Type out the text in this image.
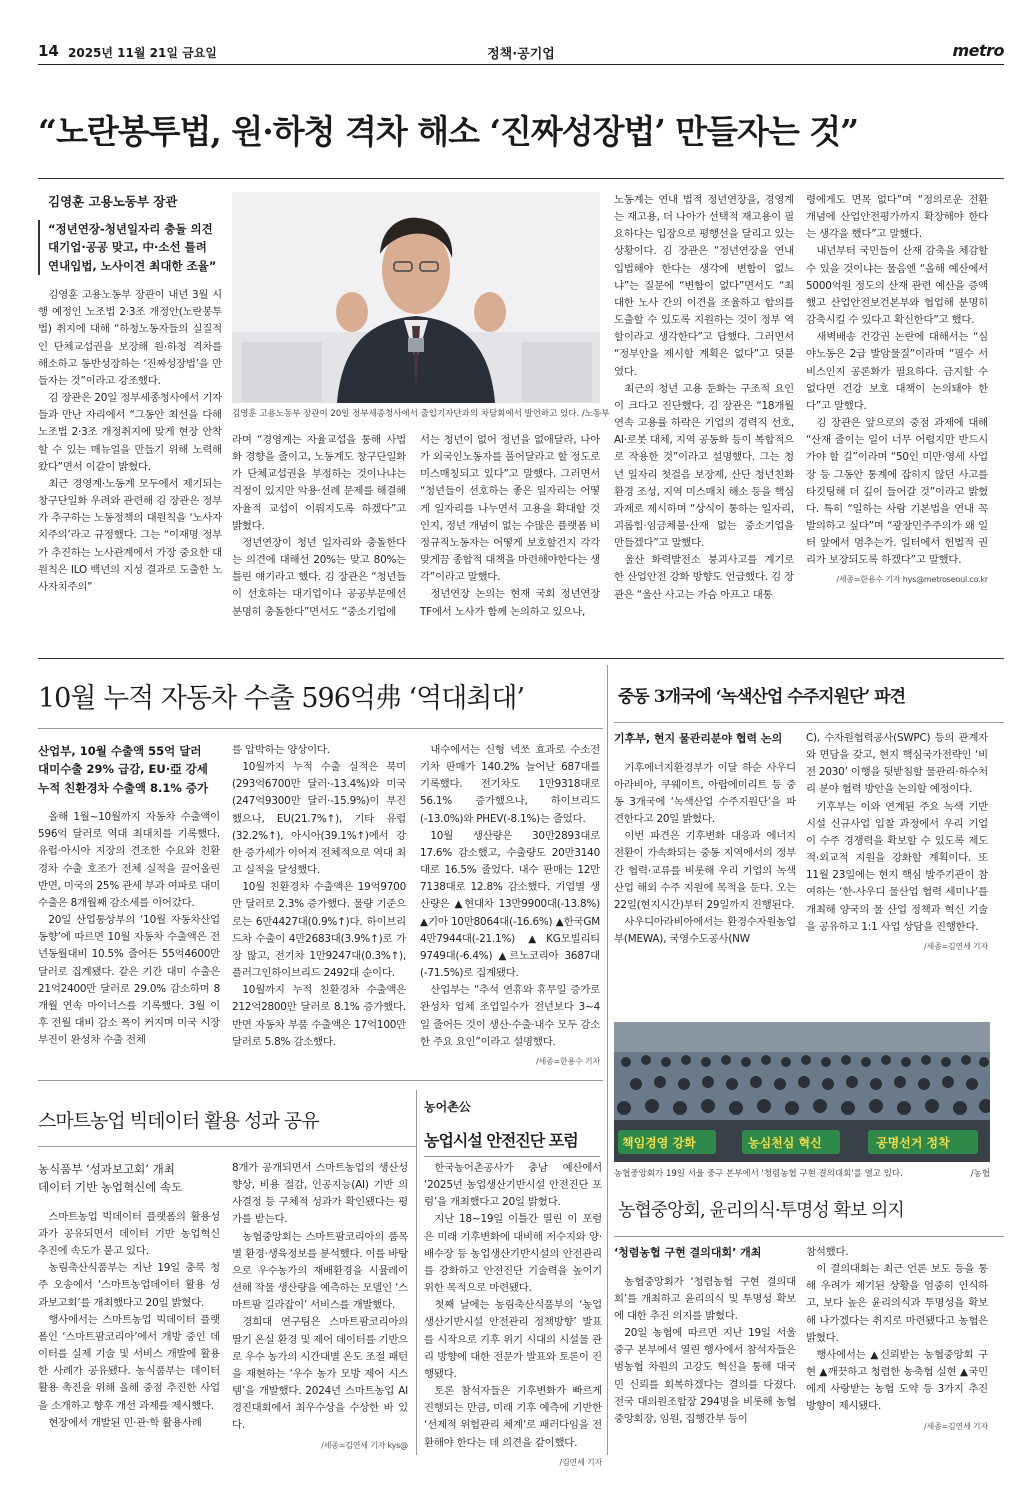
14 2025년 11월 21일 금요일	정책·공기업	metro
“노란봉투법, 원·하청 격차 해소 ‘진짜성장법’ 만들자는 것”
김영훈 고용노동부 장관
“정년연장-청년일자리 충돌 의견
대기업·공공 맞고, 中·소선 틀려
연내입법, 노사이견 최대한 조율”

김영훈 고용노동부 장관이 내년 3월 시행 예정인 노조법 2·3조 개정안(노란봉투법) 취지에 대해 “하청노동자들의 실질적인 단체교섭권을 보장해 원·하청 격차를 해소하고 동반성장하는 ‘진짜성장법’을 만들자는 것”이라고 강조했다.

김 장관은 20일 정부세종청사에서 기자들과 만난 자리에서 “그동안 최선을 다해 노조법 2·3조 개정취지에 맞게 현장 안착할 수 있는 매뉴얼을 만들기 위해 노력해왔다”면서 이같이 밝혔다.

최근 경영계·노동계 모두에서 제기되는 창구단일화 우려와 관련해 김 장관은 정부가 추구하는 노동정책의 대원칙을 ‘노사자치주의’라고 규정했다. 그는 “이재명 정부가 추진하는 노사관계에서 가장 중요한 대원칙은 ILO 백년의 지성 결과로 도출한 노사자치주의”

김영훈 고용노동부 장관이 20일 정부세종청사에서 출입기자단과의 차담회에서 발언하고 있다. /노동부

라며 “경영계는 자율교섭을 통해 사법화 경향을 줄이고, 노동계도 창구단일화가 단체교섭권을 부정하는 것이나냐는 걱정이 있지만 악용·선례 문제를 해결해 자율적 교섭이 이뤄지도록 하겠다”고 밝혔다.

정년연장이 청년 일자리와 충돌한다는 의견에 대해선 20%는 맞고 80%는 틀린 얘기라고 했다. 김 장관은 “청년들이 선호하는 대기업이나 공공부문에선 분명히 충돌한다”면서도 “중소기업에

서는 청년이 없어 정년을 없애달라, 나아가 외국인노동자를 풀어달라고 할 정도로 미스매칭되고 있다”고 말했다. 그러면서 “청년들이 선호하는 좋은 일자리는 어떻게 일자리를 나누면서 고용을 확대할 것인지, 정년 개념이 없는 수많은 플랫폼 비정규직노동자는 어떻게 보호할건지 각각 맞게끔 종합적 대책을 마련해야한다는 생각”이라고 말했다.

정년연장 논의는 현재 국회 정년연장 TF에서 노사가 함께 논의하고 있으나,

노동계는 연내 법적 정년연장을, 경영계는 재고용, 더 나아가 선택적 재고용이 필요하다는 입장으로 평행선을 달리고 있는 상황이다. 김 장관은 “정년연장을 연내 입법해야 한다는 생각에 변함이 없느냐”는 질문에 “변함이 없다”면서도 “최대한 노사 간의 이견을 조율하고 합의를 도출할 수 있도록 지원하는 것이 정부 역할이라고 생각한다”고 답했다. 그러면서 “정부안을 제시할 계획은 없다”고 덧붙였다.

최근의 청년 고용 둔화는 구조적 요인이 크다고 진단했다. 김 장관은 “18개월 연속 고용률 하락은 기업의 경력직 선호, AI·로봇 대체, 지역 공동화 등이 복합적으로 작용한 것”이라고 설명했다. 그는 청년 일자리 첫걸음 보장제, 산단 청년친화 환경 조성, 지역 미스매치 해소 등을 핵심 과제로 제시하며 “상식이 통하는 일자리, 괴롭힘·임금체불·산재 없는 중소기업을 만들겠다”고 말했다.

울산 화력발전소 붕괴사고를 계기로 한 산업안전 강화 방향도 언급했다. 김 장관은 “울산 사고는 가슴 아프고 대통

령에게도 면목 없다”며 “정의로운 전환 개념에 산업안전평가까지 확장해야 한다는 생각을 했다”고 말했다.

내년부터 국민들이 산재 감축을 체감할 수 있을 것이냐는 물음엔 “올해 예산에서 5000억원 정도의 산재 관련 예산을 증액했고 산업안전보건본부와 협업해 분명히 감축시킬 수 있다고 확신한다”고 했다.

새벽배송 건강권 논란에 대해서는 “심야노동은 2급 발암물질”이라며 “필수 서비스인지 공론화가 필요하다. 금지할 수 없다면 건강 보호 대책이 논의돼야 한다”고 말했다.

김 장관은 앞으로의 중점 과제에 대해 “산재 줄이는 일이 너무 어렵지만 반드시 가야 할 길”이라며 “50인 미만·영세 사업장 등 그동안 통계에 잡히지 않던 사고를 타깃팅해 더 깊이 들어갈 것”이라고 밝혔다. 특히 “일하는 사람 기본법을 연내 꼭 발의하고 싶다”며 “광장민주주의가 왜 일터 앞에서 멈추는가. 일터에서 헌법적 권리가 보장되도록 하겠다”고 말했다.

/세종=한용수 기자 hys@metroseoul.co.kr
10월 누적 자동차 수출 596억弗 ‘역대최대’
산업부, 10월 수출액 55억 달러
대미수출 29% 급감, EU·亞 강세
누적 친환경차 수출액 8.1% 증가

올해 1월~10월까지 자동차 수출액이 596억 달러로 역대 최대치를 기록했다. 유럽·아시아 지장의 견조한 수요와 친환경차 수출 호조가 전체 실적을 끌어올린 반면, 미국의 25% 관세 부과 여파로 대미 수출은 8개월째 감소세를 이어갔다.

20일 산업통상부의 ‘10월 자동차산업 동향’에 따르면 10월 자동차 수출액은 전년동월대비 10.5% 줄어든 55억4600만 달러로 집계됐다. 같은 기간 대미 수출은 21억2400만 달러로 29.0% 감소하며 8개월 연속 마이너스를 기록했다. 3월 이후 전월 대비 감소 폭이 커지며 미국 시장 부진이 완성차 수출 전체

를 압박하는 양상이다.

10월까지 누적 수출 실적은 북미(293억6700만 달러·-13.4%)와 미국(247억9300만 달러·-15.9%)이 부진했으나, EU(21.7%↑), 기타 유럽(32.2%↑), 아시아(39.1%↑)에서 강한 증가세가 이어져 전체적으로 역대 최고 실적을 달성했다.

10월 친환경차 수출액은 19억9700만 달러로 2.3% 증가했다. 물량 기준으로는 6만4427대(0.9%↑)다. 하이브리드차 수출이 4만2683대(3.9%↑)로 가장 많고, 전기차 1만9247대(0.3%↑), 플러그인하이브리드 2492대 순이다.

10월까지 누적 친환경차 수출액은 212억2800만 달러로 8.1% 증가했다. 반면 자동차 부품 수출액은 17억100만 달러로 5.8% 감소했다.

내수에서는 신형 넥쏘 효과로 수소전기차 판매가 140.2% 늘어난 687대를 기록했다. 전기차도 1만9318대로 56.1% 증가했으나, 하이브리드(-13.0%)와 PHEV(-8.1%)는 줄었다.

10월 생산량은 30만2893대로 17.6% 감소했고, 수출량도 20만3140대로 16.5% 줄었다. 내수 판매는 12만7138대로 12.8% 감소했다. 기업별 생산량은 ▲현대차 13만9900대(-13.8%) ▲기아 10만8064대(-16.6%) ▲한국GM 4만7944대(-21.1%) ▲KG모빌리티 9749대(-6.4%) ▲르노코리아 3687대(-71.5%)로 집계됐다.

산업부는 “추석 연휴와 휴무일 증가로 완성차 업체 조업일수가 전년보다 3~4일 줄어든 것이 생산·수출·내수 모두 감소한 주요 요인”이라고 설명했다.

/세종=한용수 기자
중동 3개국에 ‘녹색산업 수주지원단’ 파견
기후부, 현지 물관리분야 협력 논의

기후에너지환경부가 이달 하순 사우디아라비아, 쿠웨이트, 아랍에미리트 등 중동 3개국에 ‘녹색산업 수주지원단’을 파견한다고 20일 밝혔다.

이번 파견은 기후변화 대응과 에너지 전환이 가속화되는 중동 지역에서의 정부 간 협력·교류를 비롯해 우리 기업의 녹색산업 해외 수주 지원에 목적을 둔다. 오는 22일(현지시간)부터 29일까지 진행된다.

사우디아라비아에서는 환경수자원농업부(MEWA), 국영수도공사(NW

C), 수자원협력공사(SWPC) 등의 관계자와 면담을 갖고, 현지 핵심국가전략인 ‘비전 2030’ 이행을 뒷받침할 물관리·하수처리 분야 협력 방안을 논의할 예정이다.

기후부는 이와 연계된 주요 녹색 기반시설 신규사업 입찰 과정에서 우리 기업이 수주 경쟁력을 확보할 수 있도록 제도적·외교적 지원을 강화할 계획이다. 또 11월 23일에는 현지 핵심 발주기관이 참여하는 ‘한-사우디 물산업 협력 세미나’를 개최해 양국의 물 산업 정책과 혁신 기술을 공유하고 1:1 사업 상담을 진행한다.

/세종=김연세 기자
책임경영 강화	농심천심 혁신	공명선거 정착
농협중앙회가 19일 서울 중구 본부에서 '청렴농협 구현 결의대회'를 열고 있다.	/농협
스마트농업 빅데이터 활용 성과 공유
농식품부 ‘성과보고회’ 개최
데이터 기반 농업혁신에 속도

스마트농업 빅데이터 플랫폼의 활용성과가 공유되면서 데이터 기반 농업혁신 추진에 속도가 붙고 있다.

농림축산식품부는 지난 19일 충북 청주 오송에서 ‘스마트농업데이터 활용 성과보고회’를 개최했다고 20일 밝혔다.

행사에서는 스마트농업 빅데이터 플랫폼인 ‘스마트팜코리아’에서 개방 중인 데이터를 실제 기술 및 서비스 개발에 활용한 사례가 공유됐다. 농식품부는 데이터 활용 촉진을 위해 올해 중점 추진한 사업을 소개하고 향후 개선 과제를 제시했다.

현장에서 개발된 민·관·학 활용사례

8개가 공개되면서 스마트농업의 생산성 향상, 비용 절감, 인공지능(AI) 기반 의사결정 등 구체적 성과가 확인됐다는 평가를 받는다.

농협중앙회는 스마트팜코리아의 품목별 환경·생육정보를 분석했다. 이를 바탕으로 우수농가의 재배환경을 시뮬레이션해 작물 생산량을 예측하는 모델인 ‘스마트팜 길라잡이’ 서비스를 개발했다.

경희대 연구팀은 스마트팜코리아의 딸기 온실 환경 및 제어 데이터를 기반으로 우수 농가의 시간대별 온도 조절 패턴을 재현하는 ‘우수 농가 모방 제어 시스템’을 개발했다. 2024년 스마트농업 AI 경진대회에서 최우수상을 수상한 바 있다.

/세종=김연세 기자 kys@
농어촌公
농업시설 안전진단 포럼

한국농어촌공사가 충남 예산에서 ‘2025년 농업생산기반시설 안전진단 포럼’을 개최했다고 20일 밝혔다.

지난 18~19일 이틀간 열린 이 포럼은 미래 기후변화에 대비해 저수지와 양·배수장 등 농업생산기반시설의 안전관리를 강화하고 안전진단 기술력을 높이기 위한 목적으로 마련됐다.

첫째 날에는 농림축산식품부의 ‘농업생산기반시설 안전관리 정책방향’ 발표를 시작으로 기후 위기 시대의 시설물 관리 방향에 대한 전문가 발표와 토론이 진행됐다.

토론 참석자들은 기후변화가 빠르게 진행되는 만큼, 미래 기후 예측에 기반한 ‘선제적 위험관리 체계’로 패러다임을 전환해야 한다는 데 의견을 같이했다.

/김연세 기자
농협중앙회, 윤리의식·투명성 확보 의지
‘청렴농협 구현 결의대회’ 개최

농협중앙회가 ‘청렴농협 구현 결의대회’를 개최하고 윤리의식 및 투명성 확보에 대한 추진 의지를 밝혔다.

20일 농협에 따르면 지난 19일 서울 중구 본부에서 열린 행사에서 참석자들은 범농협 차원의 고강도 혁신을 통해 대국민 신뢰를 회복하겠다는 결의를 다졌다. 전국 대의원조합장 294명을 비롯해 농협중앙회장, 임원, 집행간부 등이

참석했다.

이 결의대회는 최근 언론 보도 등을 통해 우려가 제기된 상황을 엄중히 인식하고, 보다 높은 윤리의식과 투명성을 확보해 나가겠다는 취지로 마련됐다고 농협은 밝혔다.

행사에서는 ▲신뢰받는 농협중앙회 구현 ▲깨끗하고 청렴한 농축협 실현 ▲국민에게 사랑받는 농협 도약 등 3가지 추진방향이 제시됐다.

/세종=김연세 기자
